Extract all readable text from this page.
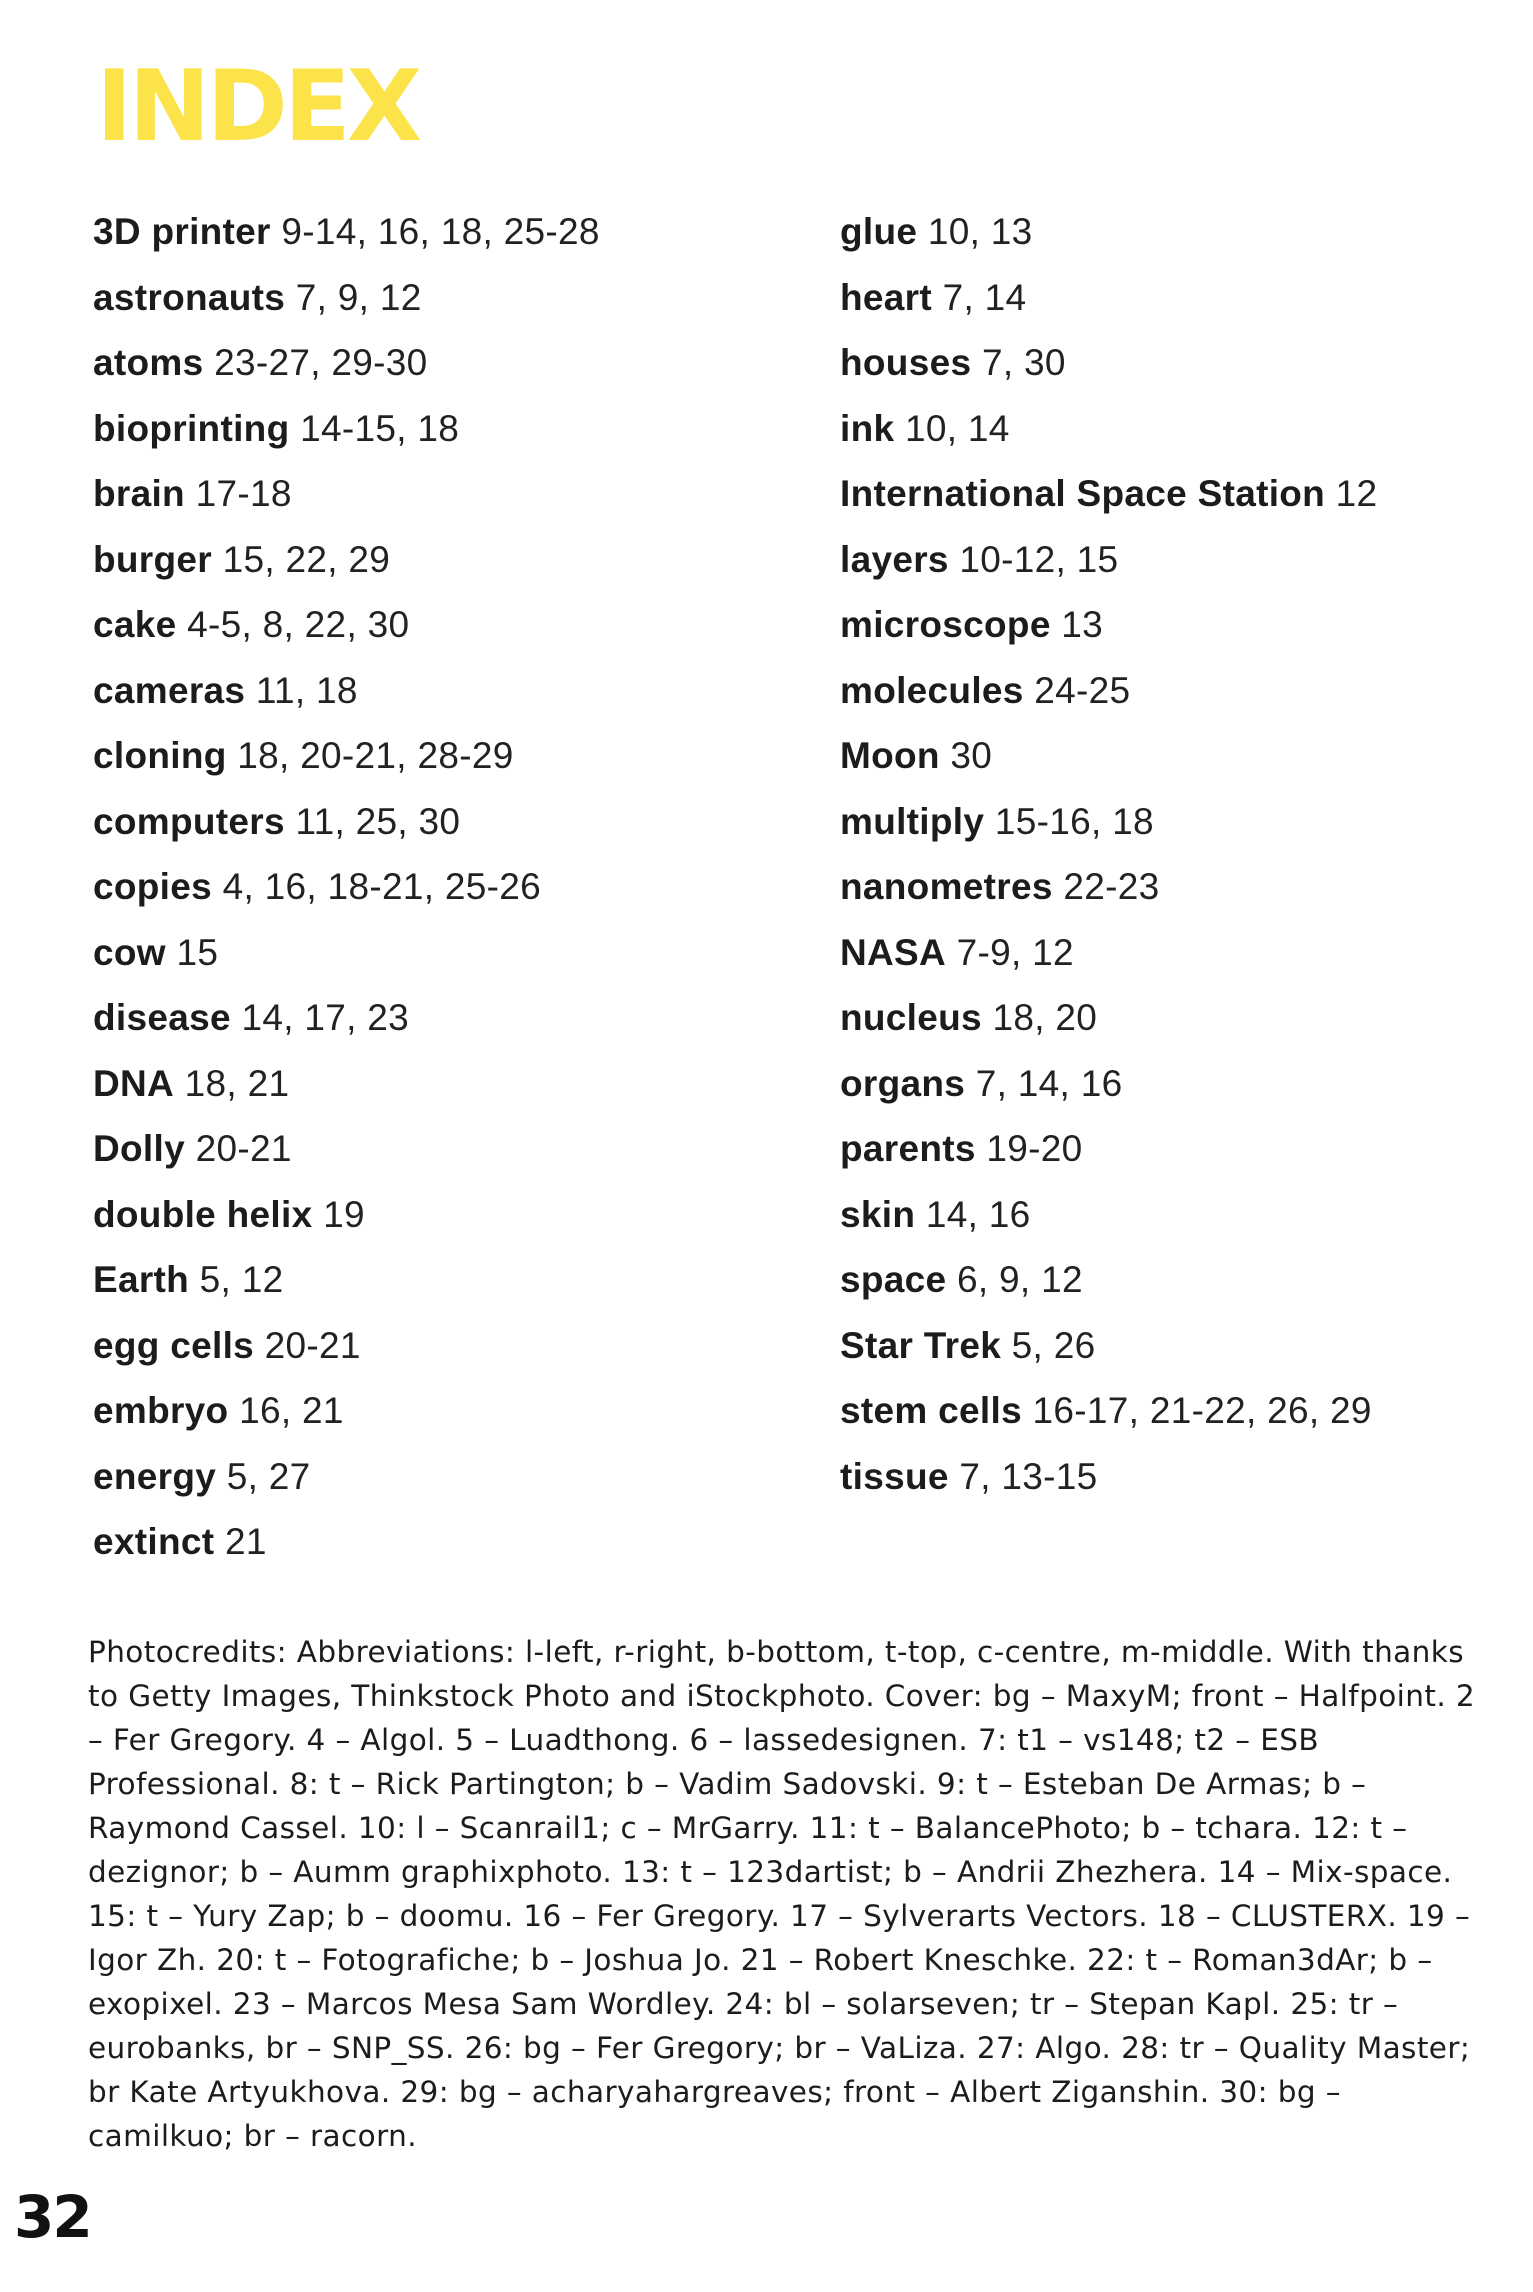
INDEX
3D printer 9-14, 16, 18, 25-28
astronauts 7, 9, 12
atoms 23-27, 29-30
bioprinting 14-15, 18
brain 17-18
burger 15, 22, 29
cake 4-5, 8, 22, 30
cameras 11, 18
cloning 18, 20-21, 28-29
computers 11, 25, 30
copies 4, 16, 18-21, 25-26
cow 15
disease 14, 17, 23
DNA 18, 21
Dolly 20-21
double helix 19
Earth 5, 12
egg cells 20-21
embryo 16, 21
energy 5, 27
extinct 21
glue 10, 13
heart 7, 14
houses 7, 30
ink 10, 14
International Space Station 12
layers 10-12, 15
microscope 13
molecules 24-25
Moon 30
multiply 15-16, 18
nanometres 22-23
NASA 7-9, 12
nucleus 18, 20
organs 7, 14, 16
parents 19-20
skin 14, 16
space 6, 9, 12
Star Trek 5, 26
stem cells 16-17, 21-22, 26, 29
tissue 7, 13-15

Photocredits: Abbreviations: l-left, r-right, b-bottom, t-top, c-centre, m-middle. With thanks to Getty Images, Thinkstock Photo and iStockphoto. Cover: bg – MaxyM; front – Halfpoint. 2 – Fer Gregory. 4 – Algol. 5 – Luadthong. 6 – lassedesignen. 7: t1 – vs148; t2 – ESB Professional. 8: t – Rick Partington; b – Vadim Sadovski. 9: t – Esteban De Armas; b – Raymond Cassel. 10: l – Scanrail1; c – MrGarry. 11: t – BalancePhoto; b – tchara. 12: t – dezignor; b – Aumm graphixphoto. 13: t – 123dartist; b – Andrii Zhezhera. 14 – Mix-space. 15: t – Yury Zap; b – doomu. 16 – Fer Gregory. 17 – Sylverarts Vectors. 18 – CLUSTERX. 19 – Igor Zh. 20: t – Fotografiche; b – Joshua Jo. 21 – Robert Kneschke. 22: t – Roman3dAr; b – exopixel. 23 – Marcos Mesa Sam Wordley. 24: bl – solarseven; tr – Stepan Kapl. 25: tr – eurobanks, br – SNP_SS. 26: bg – Fer Gregory; br – VaLiza. 27: Algo. 28: tr – Quality Master; br Kate Artyukhova. 29: bg – acharyahargreaves; front – Albert Ziganshin. 30: bg – camilkuo; br – racorn.

32
